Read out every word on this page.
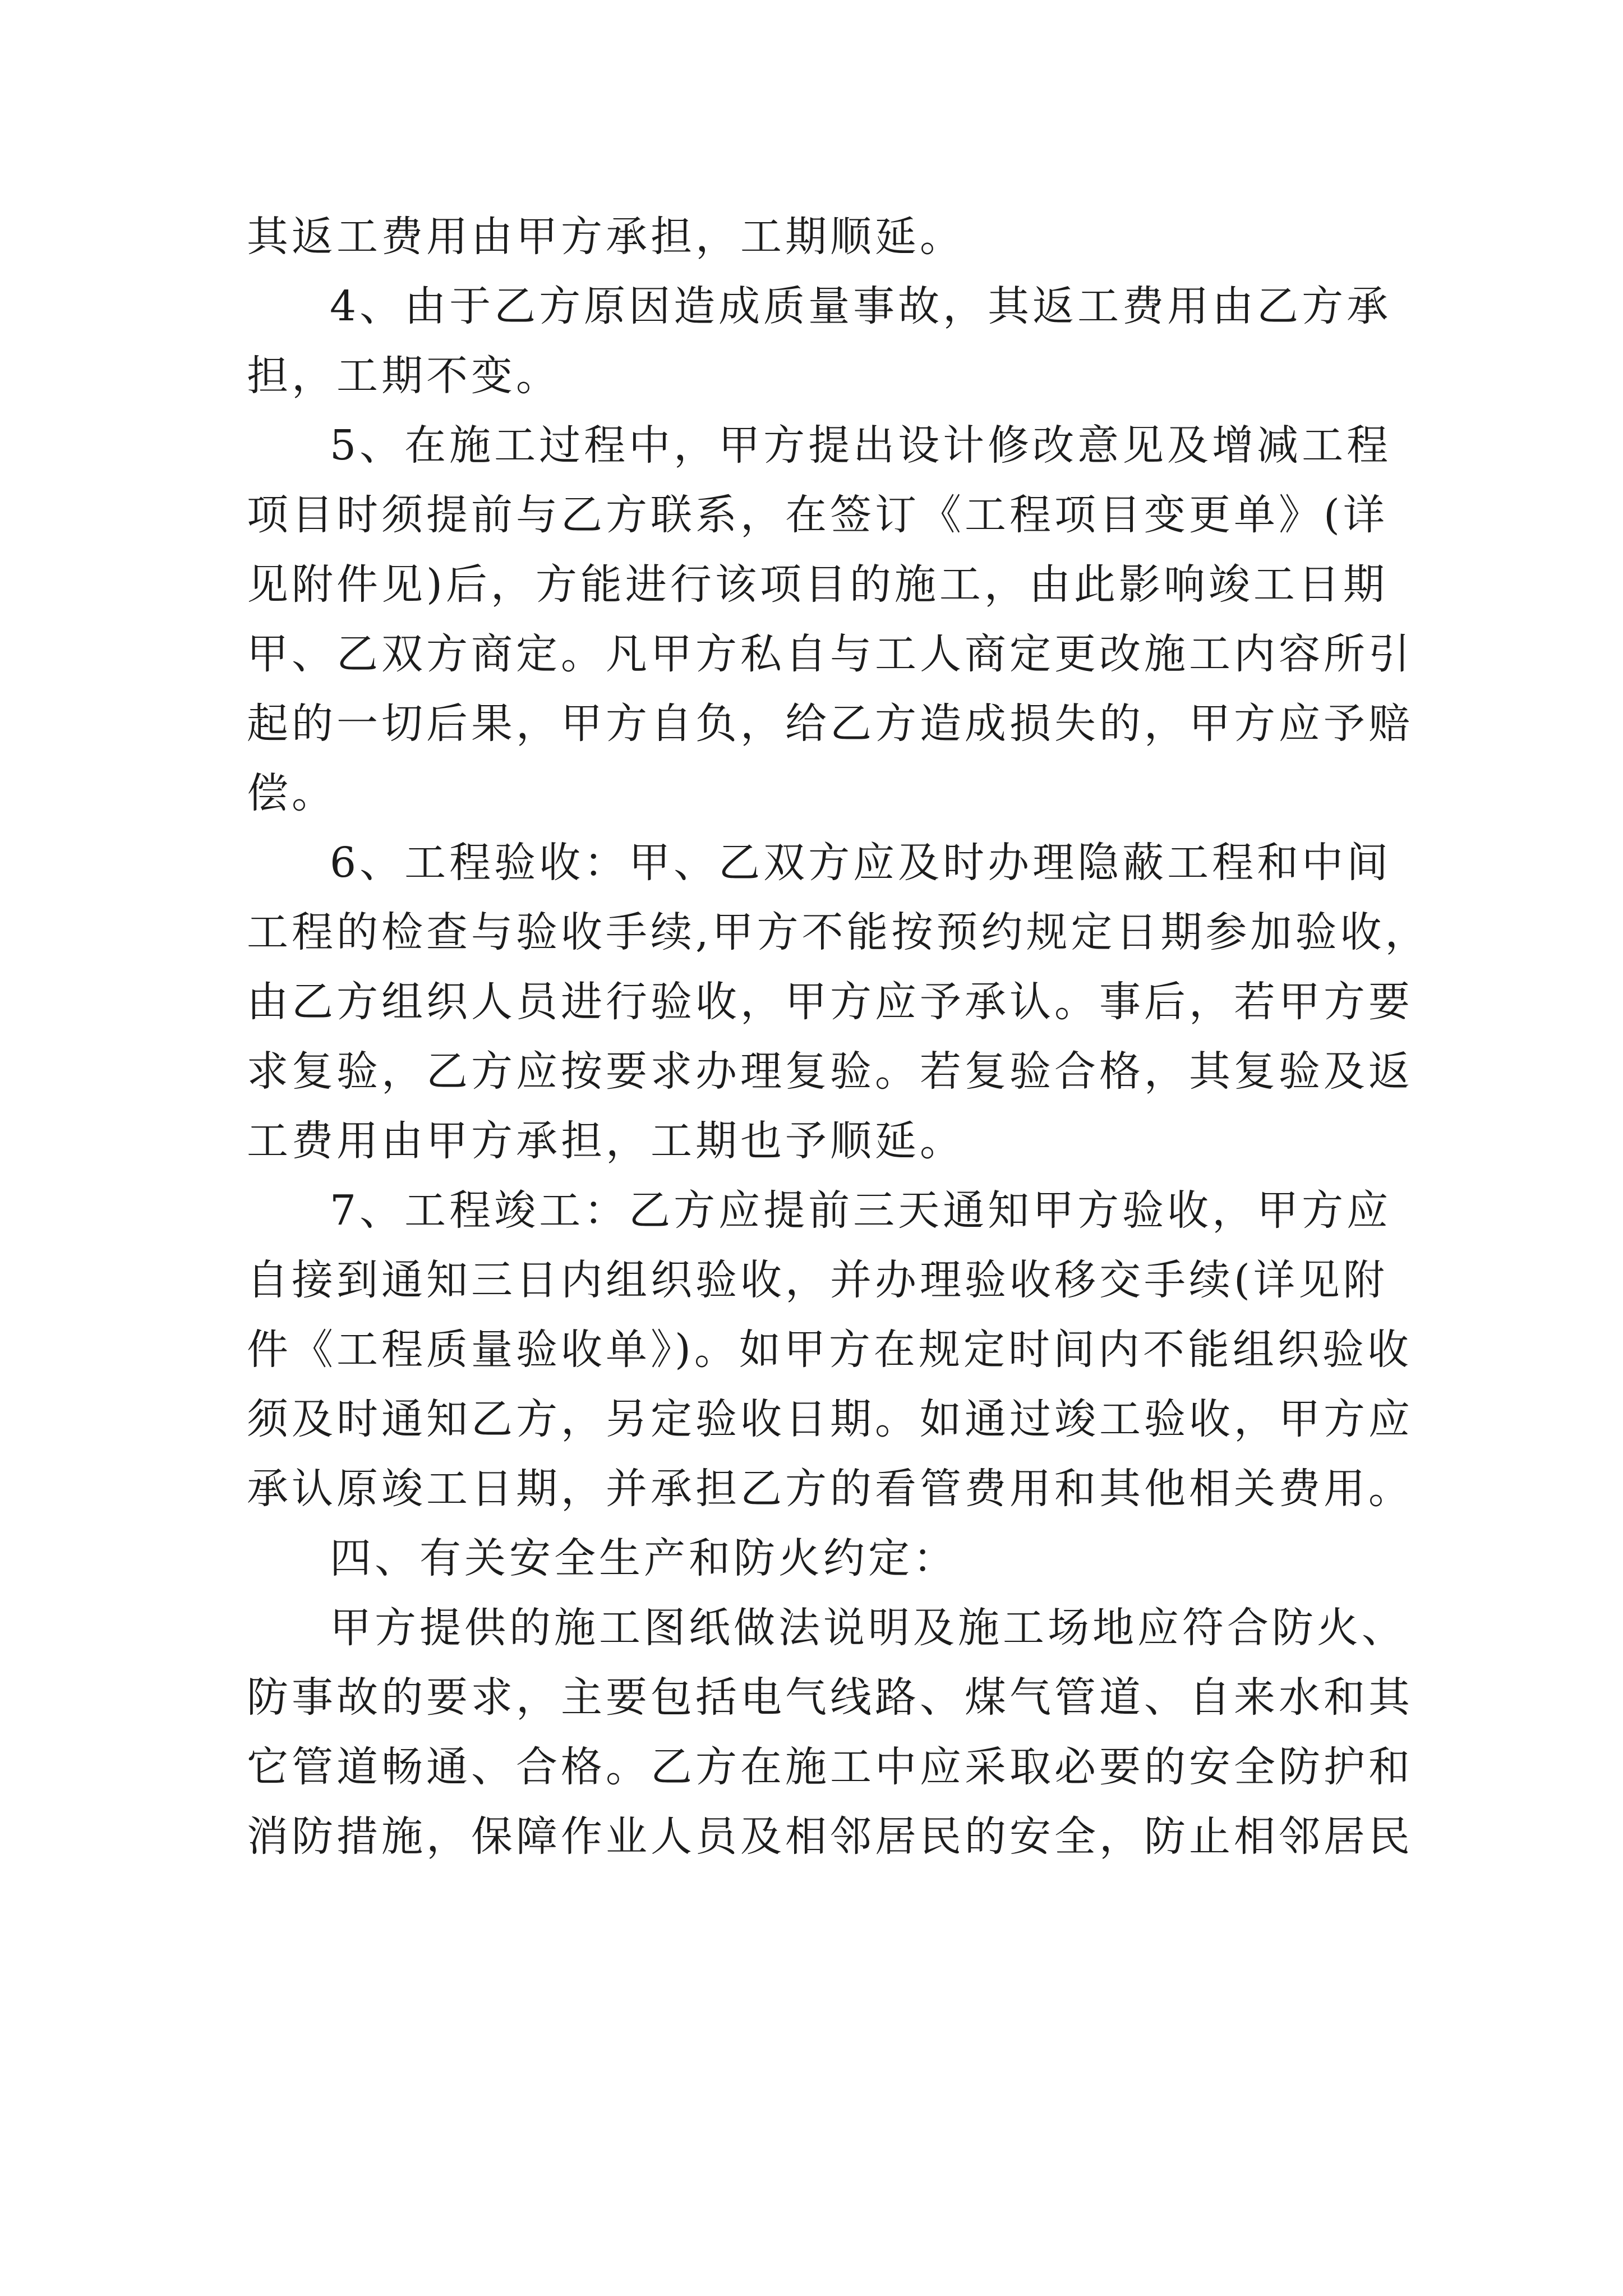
其返工费用由甲方承担，工期顺延。
4、由于乙方原因造成质量事故，其返工费用由乙方承
担，工期不变。
5、在施工过程中，甲方提出设计修改意见及增减工程
项目时须提前与乙方联系，在签订《工程项目变更单》(详
见附件见)后，方能进行该项目的施工，由此影响竣工日期
甲、乙双方商定。凡甲方私自与工人商定更改施工内容所引
起的一切后果，甲方自负，给乙方造成损失的，甲方应予赔
偿。
6、工程验收：甲、乙双方应及时办理隐蔽工程和中间
工程的检查与验收手续,甲方不能按预约规定日期参加验收，
由乙方组织人员进行验收，甲方应予承认。事后，若甲方要
求复验，乙方应按要求办理复验。若复验合格，其复验及返
工费用由甲方承担，工期也予顺延。
7、工程竣工：乙方应提前三天通知甲方验收，甲方应
自接到通知三日内组织验收，并办理验收移交手续(详见附
件《工程质量验收单》)。如甲方在规定时间内不能组织验收
须及时通知乙方，另定验收日期。如通过竣工验收，甲方应
承认原竣工日期，并承担乙方的看管费用和其他相关费用。
四、有关安全生产和防火约定：
甲方提供的施工图纸做法说明及施工场地应符合防火、
防事故的要求，主要包括电气线路、煤气管道、自来水和其
它管道畅通、合格。乙方在施工中应采取必要的安全防护和
消防措施，保障作业人员及相邻居民的安全，防止相邻居民
